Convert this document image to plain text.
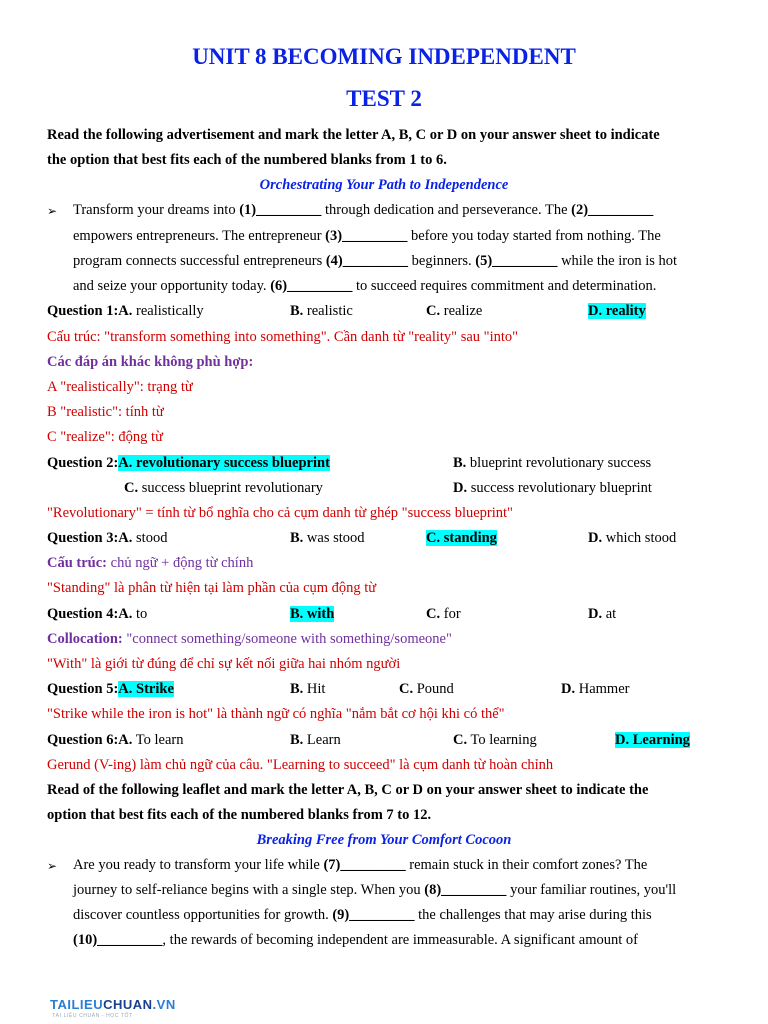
UNIT 8 BECOMING INDEPENDENT
TEST 2
Read the following advertisement and mark the letter A, B, C or D on your answer sheet to indicate
the option that best fits each of the numbered blanks from 1 to 6.
Orchestrating Your Path to Independence
➢ Transform your dreams into (1)_________ through dedication and perseverance. The (2)_________
empowers entrepreneurs. The entrepreneur (3)_________ before you today started from nothing. The
program connects successful entrepreneurs (4)_________ beginners. (5)_________ while the iron is hot
and seize your opportunity today. (6)_________ to succeed requires commitment and determination.
Question 1:A. realistically	B. realistic	C. realize	D. reality
Cấu trúc: "transform something into something". Cần danh từ "reality" sau "into"
Các đáp án khác không phù hợp:
A "realistically": trạng từ
B "realistic": tính từ
C "realize": động từ
Question 2:A. revolutionary success blueprint	B. blueprint revolutionary success
C. success blueprint revolutionary	D. success revolutionary blueprint
"Revolutionary" = tính từ bổ nghĩa cho cả cụm danh từ ghép "success blueprint"
Question 3:A. stood	B. was stood	C. standing	D. which stood
Cấu trúc: chủ ngữ + động từ chính
"Standing" là phân từ hiện tại làm phần của cụm động từ
Question 4:A. to	B. with	C. for	D. at
Collocation: "connect something/someone with something/someone"
"With" là giới từ đúng để chỉ sự kết nối giữa hai nhóm người
Question 5:A. Strike	B. Hit	C. Pound	D. Hammer
"Strike while the iron is hot" là thành ngữ có nghĩa "nắm bắt cơ hội khi có thể"
Question 6:A. To learn	B. Learn	C. To learning	D. Learning
Gerund (V-ing) làm chủ ngữ của câu. "Learning to succeed" là cụm danh từ hoàn chỉnh
Read of the following leaflet and mark the letter A, B, C or D on your answer sheet to indicate the
option that best fits each of the numbered blanks from 7 to 12.
Breaking Free from Your Comfort Cocoon
➢ Are you ready to transform your life while (7)_________ remain stuck in their comfort zones? The
journey to self-reliance begins with a single step. When you (8)_________ your familiar routines, you'll
discover countless opportunities for growth. (9)_________ the challenges that may arise during this
(10)_________, the rewards of becoming independent are immeasurable. A significant amount of
TAILIEUCHUAN.VN
TÀI LIỆU CHUẨN - HỌC TỐT
